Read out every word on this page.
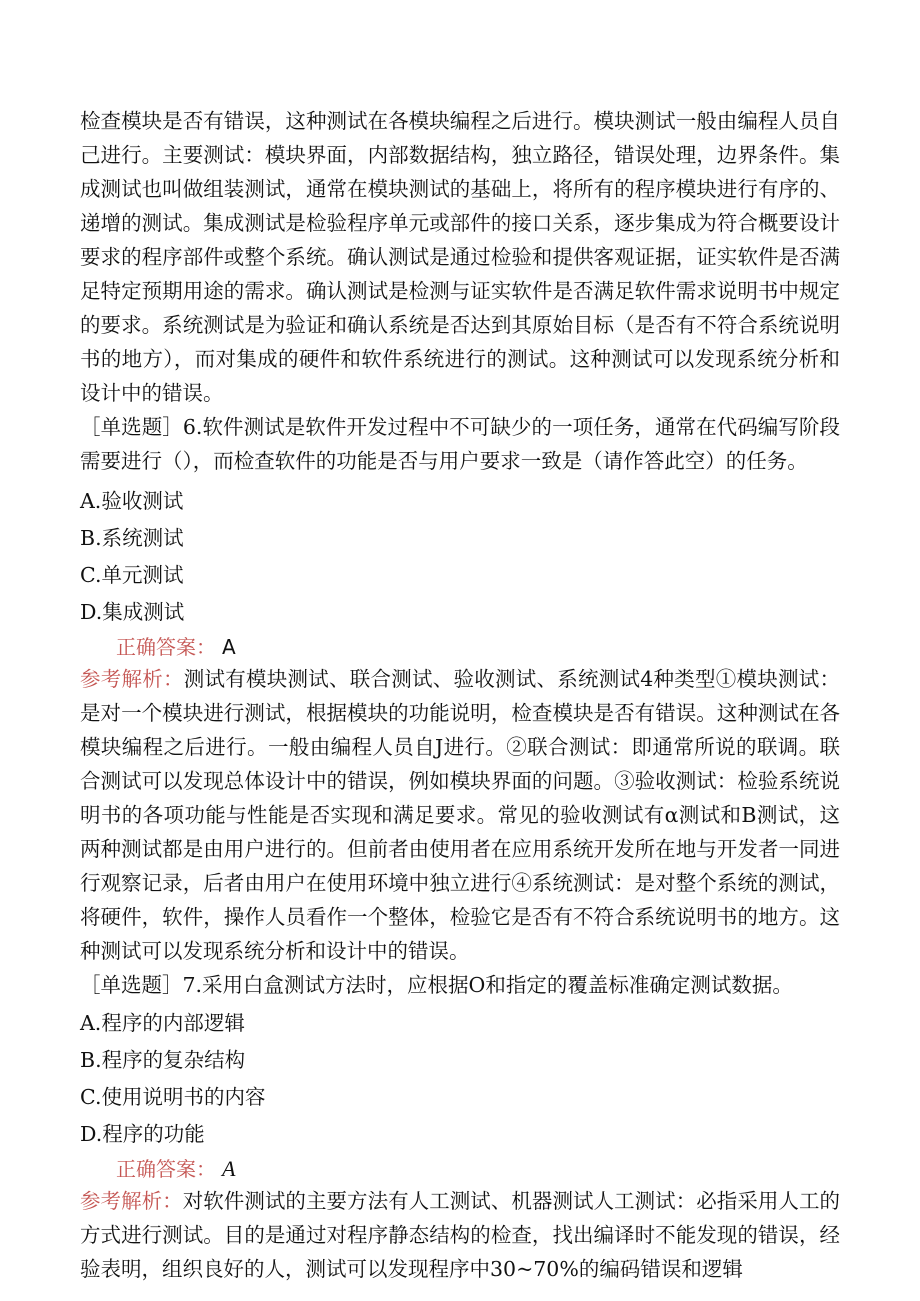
检查模块是否有错误，这种测试在各模块编程之后进行。模块测试一般由编程人员自己进行。主要测试：模块界面，内部数据结构，独立路径，错误处理，边界条件。集成测试也叫做组装测试，通常在模块测试的基础上，将所有的程序模块进行有序的、递增的测试。集成测试是检验程序单元或部件的接口关系，逐步集成为符合概要设计要求的程序部件或整个系统。确认测试是通过检验和提供客观证据，证实软件是否满足特定预期用途的需求。确认测试是检测与证实软件是否满足软件需求说明书中规定的要求。系统测试是为验证和确认系统是否达到其原始目标（是否有不符合系统说明书的地方），而对集成的硬件和软件系统进行的测试。这种测试可以发现系统分析和设计中的错误。

［单选题］6.软件测试是软件开发过程中不可缺少的一项任务，通常在代码编写阶段需要进行（），而检查软件的功能是否与用户要求一致是（请作答此空）的任务。

A.验收测试
B.系统测试
C.单元测试
D.集成测试
正确答案： A

参考解析：测试有模块测试、联合测试、验收测试、系统测试4种类型①模块测试：是对一个模块进行测试，根据模块的功能说明，检查模块是否有错误。这种测试在各模块编程之后进行。一般由编程人员自J进行。②联合测试：即通常所说的联调。联合测试可以发现总体设计中的错误，例如模块界面的问题。③验收测试：检验系统说明书的各项功能与性能是否实现和满足要求。常见的验收测试有α测试和B测试，这两种测试都是由用户进行的。但前者由使用者在应用系统开发所在地与开发者一同进行观察记录，后者由用户在使用环境中独立进行④系统测试：是对整个系统的测试，将硬件，软件，操作人员看作一个整体，检验它是否有不符合系统说明书的地方。这种测试可以发现系统分析和设计中的错误。

［单选题］7.采用白盒测试方法时，应根据O和指定的覆盖标准确定测试数据。

A.程序的内部逻辑
B.程序的复杂结构
C.使用说明书的内容
D.程序的功能
正确答案： A

参考解析：对软件测试的主要方法有人工测试、机器测试人工测试：必指采用人工的方式进行测试。目的是通过对程序静态结构的检查，找出编译时不能发现的错误，经验表明，组织良好的人，测试可以发现程序中30~70%的编码错误和逻辑
